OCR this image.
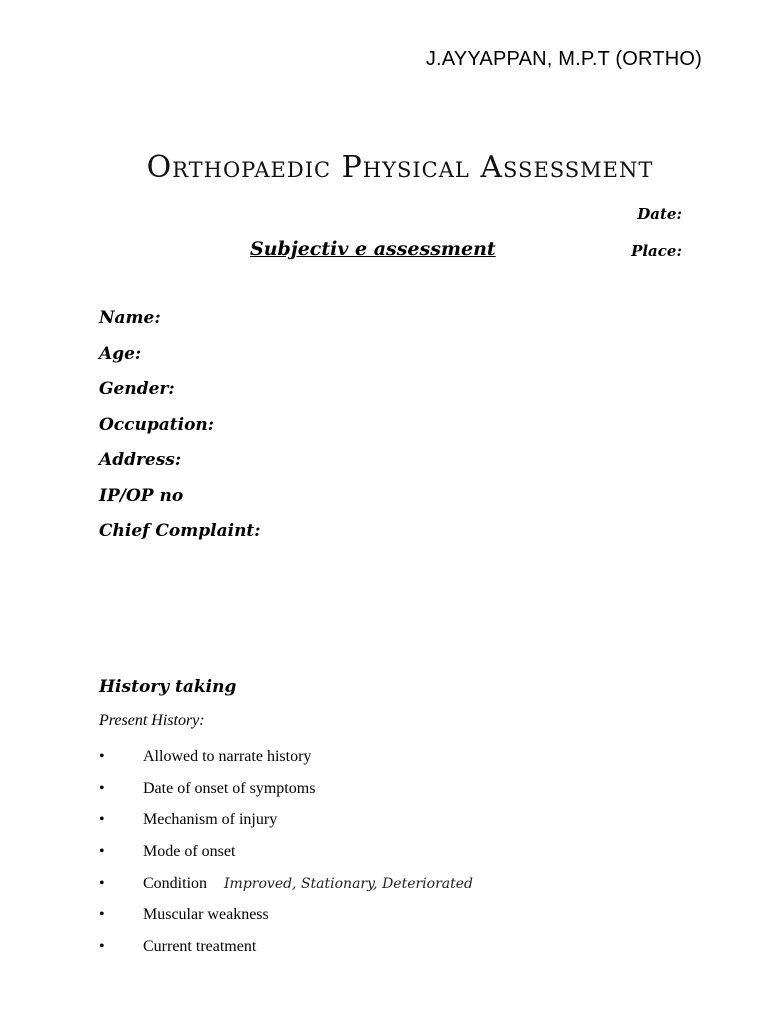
J.AYYAPPAN, M.P.T (ORTHO)
Orthopaedic Physical Assessment
Date:
Place:
Subjectiv e assessment
Name:
Age:
Gender:
Occupation:
Address:
IP/OP no
Chief Complaint:
History taking
Present History:
•	Allowed to narrate history
•	Date of onset of symptoms
•	Mechanism of injury
•	Mode of onset
•	Condition Improved, Stationary, Deteriorated
•	Muscular weakness
•	Current treatment
